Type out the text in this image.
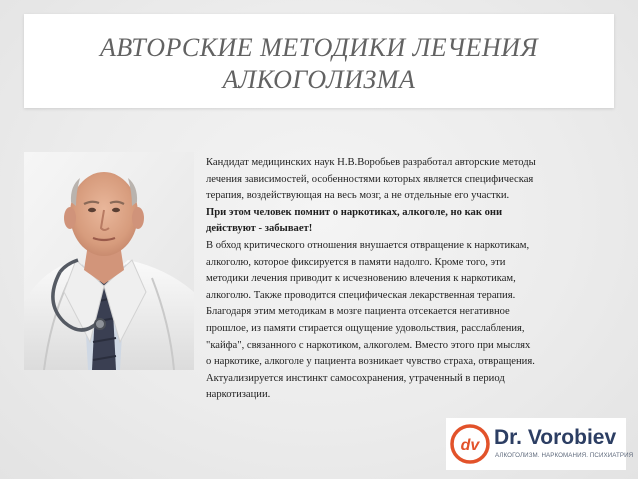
АВТОРСКИЕ МЕТОДИКИ ЛЕЧЕНИЯ
АЛКОГОЛИЗМА

Кандидат медицинских наук Н.В.Воробьев разработал авторские методы
лечения зависимостей, особенностями которых является специфическая
терапия, воздействующая на весь мозг, а не отдельные его участки.

При этом человек помнит о наркотиках, алкоголе, но как они
действуют - забывает!

В обход критического отношения внушается отвращение к наркотикам,
алкоголю, которое фиксируется в памяти надолго. Кроме того, эти
методики лечения приводит к исчезновению влечения к наркотикам,
алкоголю. Также проводится специфическая лекарственная терапия.
Благодаря этим методикам в мозге пациента отсекается негативное
прошлое, из памяти стирается ощущение удовольствия, расслабления,
"кайфа", связанного с наркотиком, алкоголем. Вместо этого при мыслях
о наркотике, алкоголе у пациента возникает чувство страха, отвращения.
Актуализируется инстинкт самосохранения, утраченный в период
наркотизации.

dv Dr. Vorobiev
АЛКОГОЛИЗМ. НАРКОМАНИЯ. ПСИХИАТРИЯ
